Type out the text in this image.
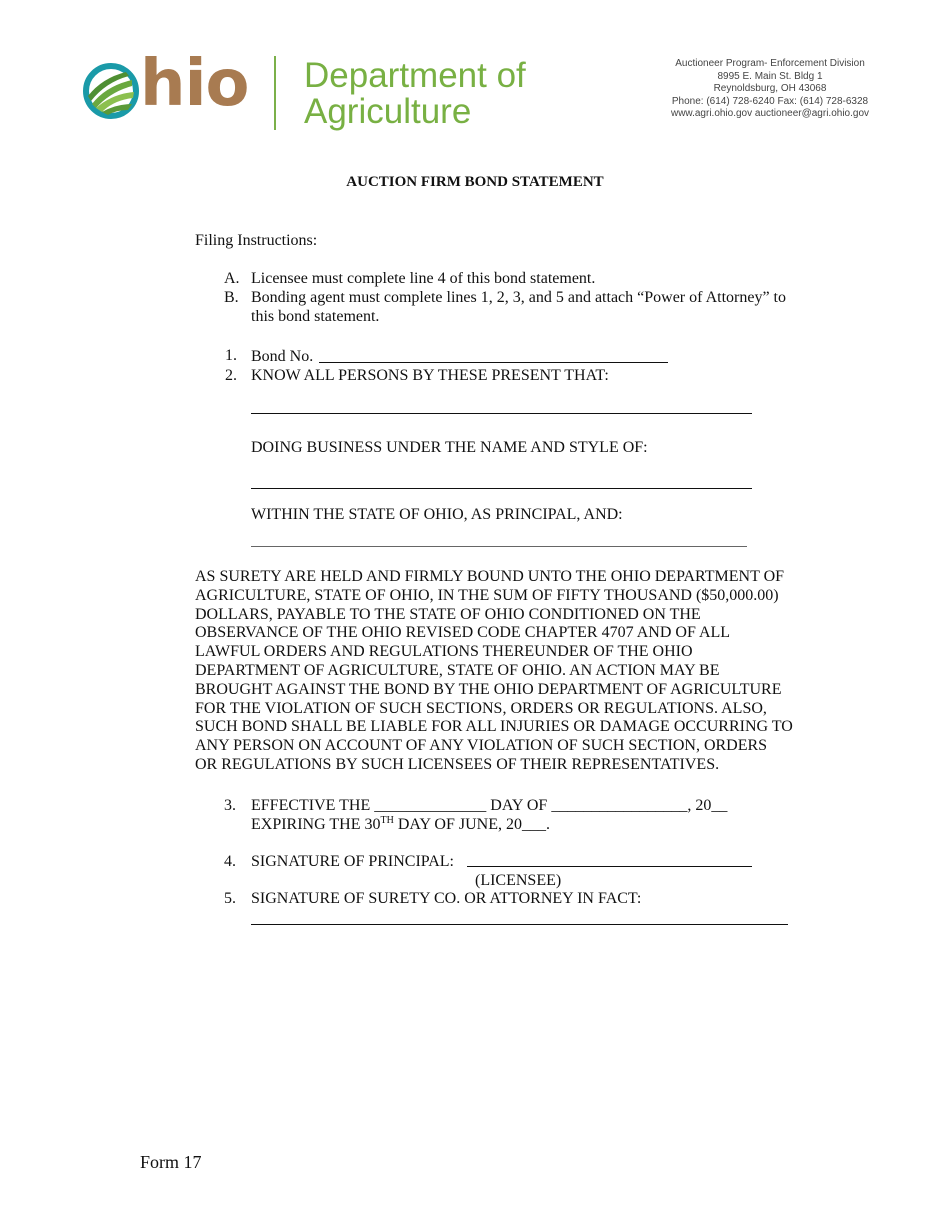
hio Department of
Agriculture
Auctioneer Program- Enforcement Division
8995 E. Main St. Bldg 1
Reynoldsburg, OH 43068
Phone: (614) 728-6240 Fax: (614) 728-6328
www.agri.ohio.gov auctioneer@agri.ohio.gov
AUCTION FIRM BOND STATEMENT
Filing Instructions:
A. Licensee must complete line 4 of this bond statement.
B. Bonding agent must complete lines 1, 2, 3, and 5 and attach “Power of Attorney” to
this bond statement.
1. Bond No.
2. KNOW ALL PERSONS BY THESE PRESENT THAT:
DOING BUSINESS UNDER THE NAME AND STYLE OF:
WITHIN THE STATE OF OHIO, AS PRINCIPAL, AND:
AS SURETY ARE HELD AND FIRMLY BOUND UNTO THE OHIO DEPARTMENT OF
AGRICULTURE, STATE OF OHIO, IN THE SUM OF FIFTY THOUSAND ($50,000.00)
DOLLARS, PAYABLE TO THE STATE OF OHIO CONDITIONED ON THE
OBSERVANCE OF THE OHIO REVISED CODE CHAPTER 4707 AND OF ALL
LAWFUL ORDERS AND REGULATIONS THEREUNDER OF THE OHIO
DEPARTMENT OF AGRICULTURE, STATE OF OHIO. AN ACTION MAY BE
BROUGHT AGAINST THE BOND BY THE OHIO DEPARTMENT OF AGRICULTURE
FOR THE VIOLATION OF SUCH SECTIONS, ORDERS OR REGULATIONS. ALSO,
SUCH BOND SHALL BE LIABLE FOR ALL INJURIES OR DAMAGE OCCURRING TO
ANY PERSON ON ACCOUNT OF ANY VIOLATION OF SUCH SECTION, ORDERS
OR REGULATIONS BY SUCH LICENSEES OF THEIR REPRESENTATIVES.
3. EFFECTIVE THE ______________ DAY OF _________________, 20__
EXPIRING THE 30TH DAY OF JUNE, 20___.
4. SIGNATURE OF PRINCIPAL:
(LICENSEE)
5. SIGNATURE OF SURETY CO. OR ATTORNEY IN FACT:
Form 17
